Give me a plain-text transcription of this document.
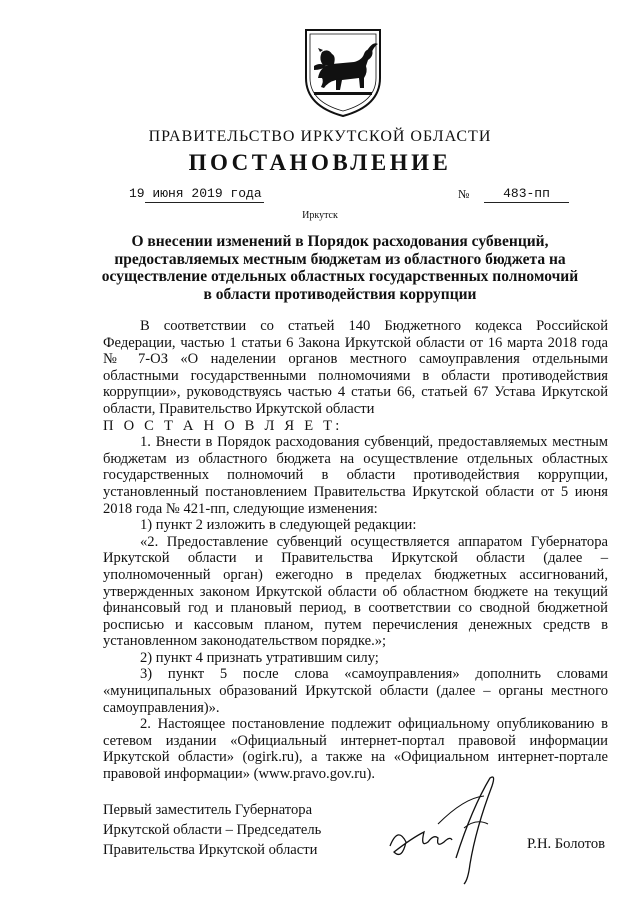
ПРАВИТЕЛЬСТВО ИРКУТСКОЙ ОБЛАСТИ
ПОСТАНОВЛЕНИЕ
19 июня 2019 года	№	483-пп
Иркутск
О внесении изменений в Порядок расходования субвенций, предоставляемых местным бюджетам из областного бюджета на осуществление отдельных областных государственных полномочий в области противодействия коррупции

В соответствии со статьей 140 Бюджетного кодекса Российской Федерации, частью 1 статьи 6 Закона Иркутской области от 16 марта 2018 года № 7-ОЗ «О наделении органов местного самоуправления отдельными областными государственными полномочиями в области противодействия коррупции», руководствуясь частью 4 статьи 66, статьей 67 Устава Иркутской области, Правительство Иркутской области

П О С Т А Н О В Л Я Е Т:

1. Внести в Порядок расходования субвенций, предоставляемых местным бюджетам из областного бюджета на осуществление отдельных областных государственных полномочий в области противодействия коррупции, установленный постановлением Правительства Иркутской области от 5 июня 2018 года № 421-пп, следующие изменения:

1) пункт 2 изложить в следующей редакции:

«2. Предоставление субвенций осуществляется аппаратом Губернатора Иркутской области и Правительства Иркутской области (далее – уполномоченный орган) ежегодно в пределах бюджетных ассигнований, утвержденных законом Иркутской области об областном бюджете на текущий финансовый год и плановый период, в соответствии со сводной бюджетной росписью и кассовым планом, путем перечисления денежных средств в установленном законодательством порядке.»;

2) пункт 4 признать утратившим силу;

3) пункт 5 после слова «самоуправления» дополнить словами «муниципальных образований Иркутской области (далее – органы местного самоуправления)».

2. Настоящее постановление подлежит официальному опубликованию в сетевом издании «Официальный интернет-портал правовой информации Иркутской области» (ogirk.ru), а также на «Официальном интернет-портале правовой информации» (www.pravo.gov.ru).

Первый заместитель Губернатора
Иркутской области – Председатель
Правительства Иркутской области	Р.Н. Болотов
